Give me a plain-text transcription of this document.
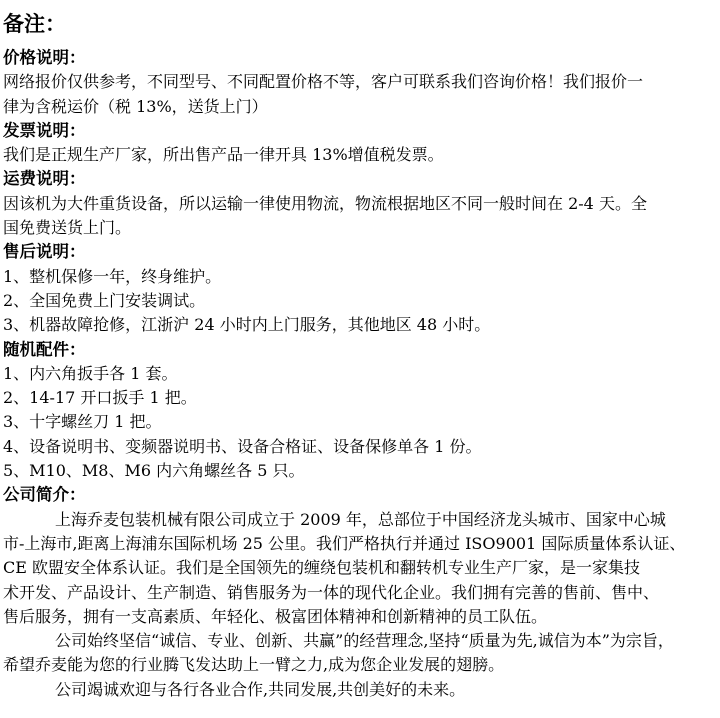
备注：
价格说明：
网络报价仅供参考，不同型号、不同配置价格不等，客户可联系我们咨询价格！我们报价一
律为含税运价（税 13%，送货上门）
发票说明：
我们是正规生产厂家，所出售产品一律开具 13%增值税发票。
运费说明：
因该机为大件重货设备，所以运输一律使用物流，物流根据地区不同一般时间在 2-4 天。全
国免费送货上门。
售后说明：
1、整机保修一年，终身维护。
2、全国免费上门安装调试。
3、机器故障抢修，江浙沪 24 小时内上门服务，其他地区 48 小时。
随机配件：
1、内六角扳手各 1 套。
2、14-17 开口扳手 1 把。
3、十字螺丝刀 1 把。
4、设备说明书、变频器说明书、设备合格证、设备保修单各 1 份。
5、M10、M8、M6 内六角螺丝各 5 只。
公司简介：
上海乔麦包装机械有限公司成立于 2009 年，总部位于中国经济龙头城市、国家中心城
市-上海市,距离上海浦东国际机场 25 公里。我们严格执行并通过 ISO9001 国际质量体系认证、
CE 欧盟安全体系认证。我们是全国领先的缠绕包装机和翻转机专业生产厂家，是一家集技
术开发、产品设计、生产制造、销售服务为一体的现代化企业。我们拥有完善的售前、售中、
售后服务，拥有一支高素质、年轻化、极富团体精神和创新精神的员工队伍。
公司始终坚信“诚信、专业、创新、共赢”的经营理念,坚持“质量为先,诚信为本”为宗旨，
希望乔麦能为您的行业腾飞发达助上一臂之力,成为您企业发展的翅膀。
公司竭诚欢迎与各行各业合作,共同发展,共创美好的未来。
